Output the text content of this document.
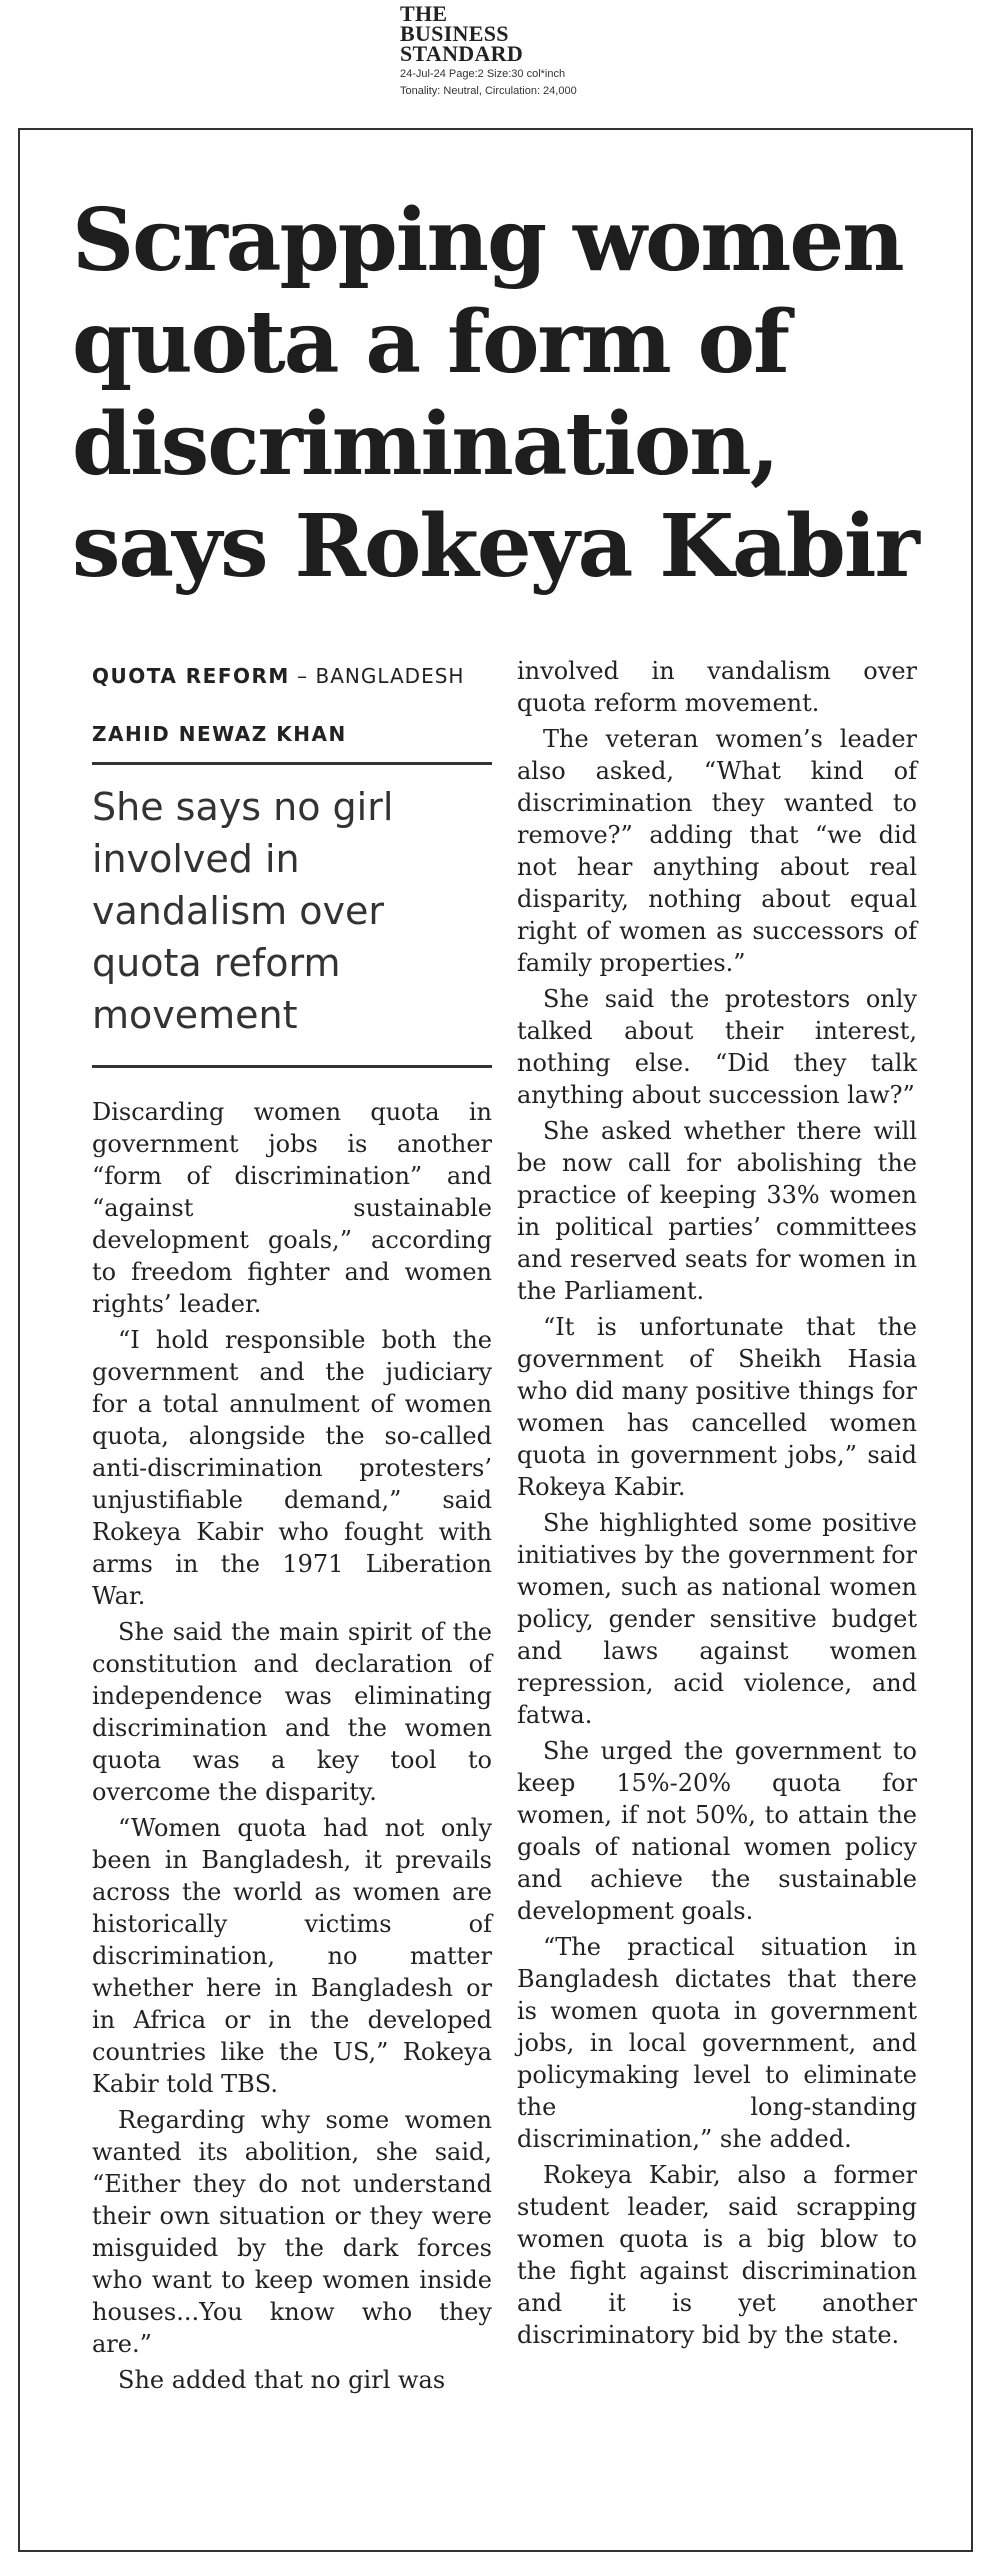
THE
BUSINESS
STANDARD
24-Jul-24 Page:2 Size:30 col*inch
Tonality: Neutral, Circulation: 24,000
Scrapping women quota a form of discrimination, says Rokeya Kabir
QUOTA REFORM – BANGLADESH
ZAHID NEWAZ KHAN
She says no girl involved in vandalism over quota reform movement

Discarding women quota in government jobs is another “form of discrimination” and “against sustainable development goals,” according to freedom fighter and women rights’ leader.

“I hold responsible both the government and the judiciary for a total annulment of women quota, alongside the so-called anti-discrimination protesters’ unjustifiable demand,” said Rokeya Kabir who fought with arms in the 1971 Liberation War.

She said the main spirit of the constitution and declaration of independence was eliminating discrimination and the women quota was a key tool to overcome the disparity.

“Women quota had not only been in Bangladesh, it prevails across the world as women are historically victims of discrimination, no matter whether here in Bangladesh or in Africa or in the developed countries like the US,” Rokeya Kabir told TBS.

Regarding why some women wanted its abolition, she said, “Either they do not understand their own situation or they were misguided by the dark forces who want to keep women inside houses...You know who they are.”

She added that no girl was

involved in vandalism over quota reform movement.

The veteran women’s leader also asked, “What kind of discrimination they wanted to remove?” adding that “we did not hear anything about real disparity, nothing about equal right of women as successors of family properties.”

She said the protestors only talked about their interest, nothing else. “Did they talk anything about succession law?”

She asked whether there will be now call for abolishing the practice of keeping 33% women in political parties’ committees and reserved seats for women in the Parliament.

“It is unfortunate that the government of Sheikh Hasia who did many positive things for women has cancelled women quota in government jobs,” said Rokeya Kabir.

She highlighted some positive initiatives by the government for women, such as national women policy, gender sensitive budget and laws against women repression, acid violence, and fatwa.

She urged the government to keep 15%-20% quota for women, if not 50%, to attain the goals of national women policy and achieve the sustainable development goals.

“The practical situation in Bangladesh dictates that there is women quota in government jobs, in local government, and policymaking level to eliminate the long-standing discrimination,” she added.

Rokeya Kabir, also a former student leader, said scrapping women quota is a big blow to the fight against discrimination and it is yet another discriminatory bid by the state.
